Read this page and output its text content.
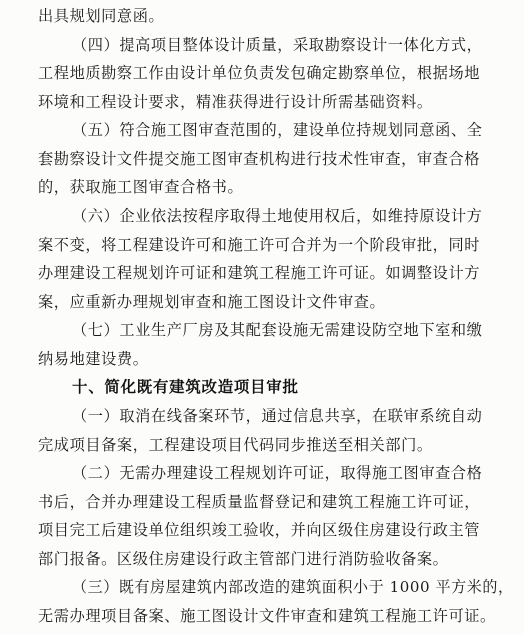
出具规划同意函。
（四）提高项目整体设计质量，采取勘察设计一体化方式，
工程地质勘察工作由设计单位负责发包确定勘察单位，根据场地
环境和工程设计要求，精准获得进行设计所需基础资料。
（五）符合施工图审查范围的，建设单位持规划同意函、全
套勘察设计文件提交施工图审查机构进行技术性审查，审查合格
的，获取施工图审查合格书。
（六）企业依法按程序取得土地使用权后，如维持原设计方
案不变，将工程建设许可和施工许可合并为一个阶段审批，同时
办理建设工程规划许可证和建筑工程施工许可证。如调整设计方
案，应重新办理规划审查和施工图设计文件审查。
（七）工业生产厂房及其配套设施无需建设防空地下室和缴
纳易地建设费。
十、简化既有建筑改造项目审批
（一）取消在线备案环节，通过信息共享，在联审系统自动
完成项目备案，工程建设项目代码同步推送至相关部门。
（二）无需办理建设工程规划许可证，取得施工图审查合格
书后，合并办理建设工程质量监督登记和建筑工程施工许可证，
项目完工后建设单位组织竣工验收，并向区级住房建设行政主管
部门报备。区级住房建设行政主管部门进行消防验收备案。
（三）既有房屋建筑内部改造的建筑面积小于 1000 平方米的，
无需办理项目备案、施工图设计文件审查和建筑工程施工许可证。
